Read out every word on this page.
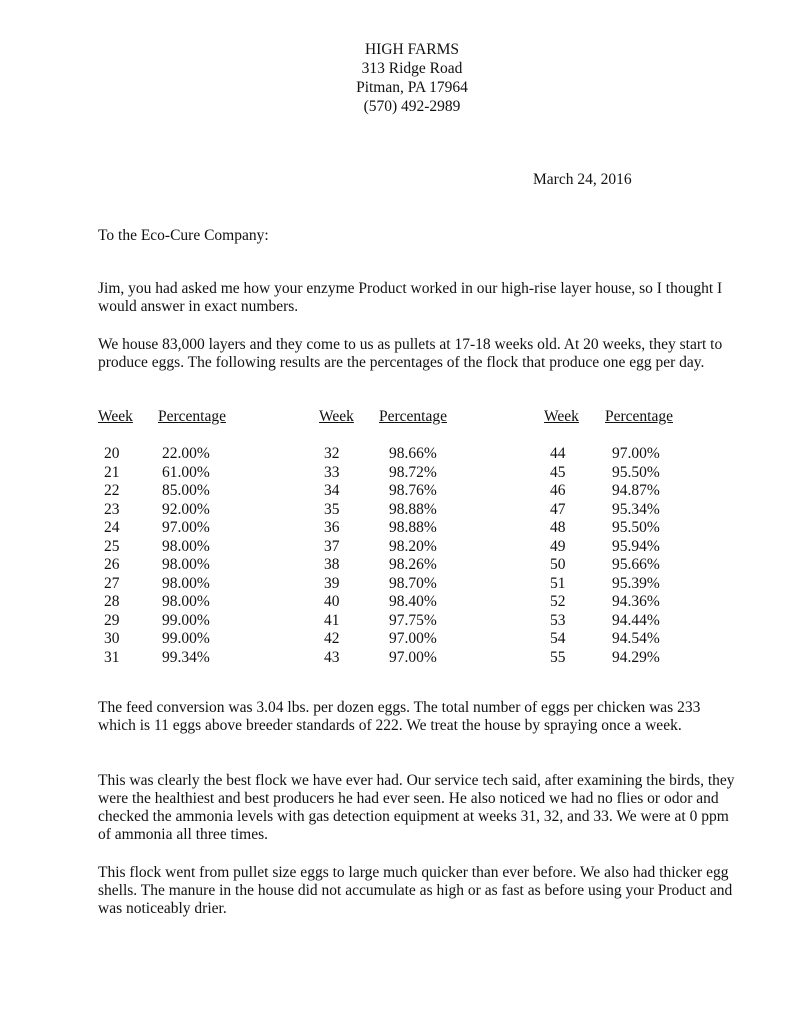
HIGH FARMS
313 Ridge Road
Pitman, PA 17964
(570) 492-2989
March 24, 2016
To the Eco-Cure Company:

Jim, you had asked me how your enzyme Product worked in our high-rise layer house, so I thought I would answer in exact numbers.

We house 83,000 layers and they come to us as pullets at 17-18 weeks old. At 20 weeks, they start to produce eggs. The following results are the percentages of the flock that produce one egg per day.

Week Percentage
20	22.00%
21	61.00%
22	85.00%
23	92.00%
24	97.00%
25	98.00%
26	98.00%
27	98.00%
28	98.00%
29	99.00%
30	99.00%
31	99.34%
Week Percentage
32	98.66%
33	98.72%
34	98.76%
35	98.88%
36	98.88%
37	98.20%
38	98.26%
39	98.70%
40	98.40%
41	97.75%
42	97.00%
43	97.00%
Week Percentage
44	97.00%
45	95.50%
46	94.87%
47	95.34%
48	95.50%
49	95.94%
50	95.66%
51	95.39%
52	94.36%
53	94.44%
54	94.54%
55	94.29%

The feed conversion was 3.04 lbs. per dozen eggs. The total number of eggs per chicken was 233 which is 11 eggs above breeder standards of 222. We treat the house by spraying once a week.

This was clearly the best flock we have ever had. Our service tech said, after examining the birds, they were the healthiest and best producers he had ever seen. He also noticed we had no flies or odor and checked the ammonia levels with gas detection equipment at weeks 31, 32, and 33. We were at 0 ppm of ammonia all three times.

This flock went from pullet size eggs to large much quicker than ever before. We also had thicker egg shells. The manure in the house did not accumulate as high or as fast as before using your Product and was noticeably drier.
